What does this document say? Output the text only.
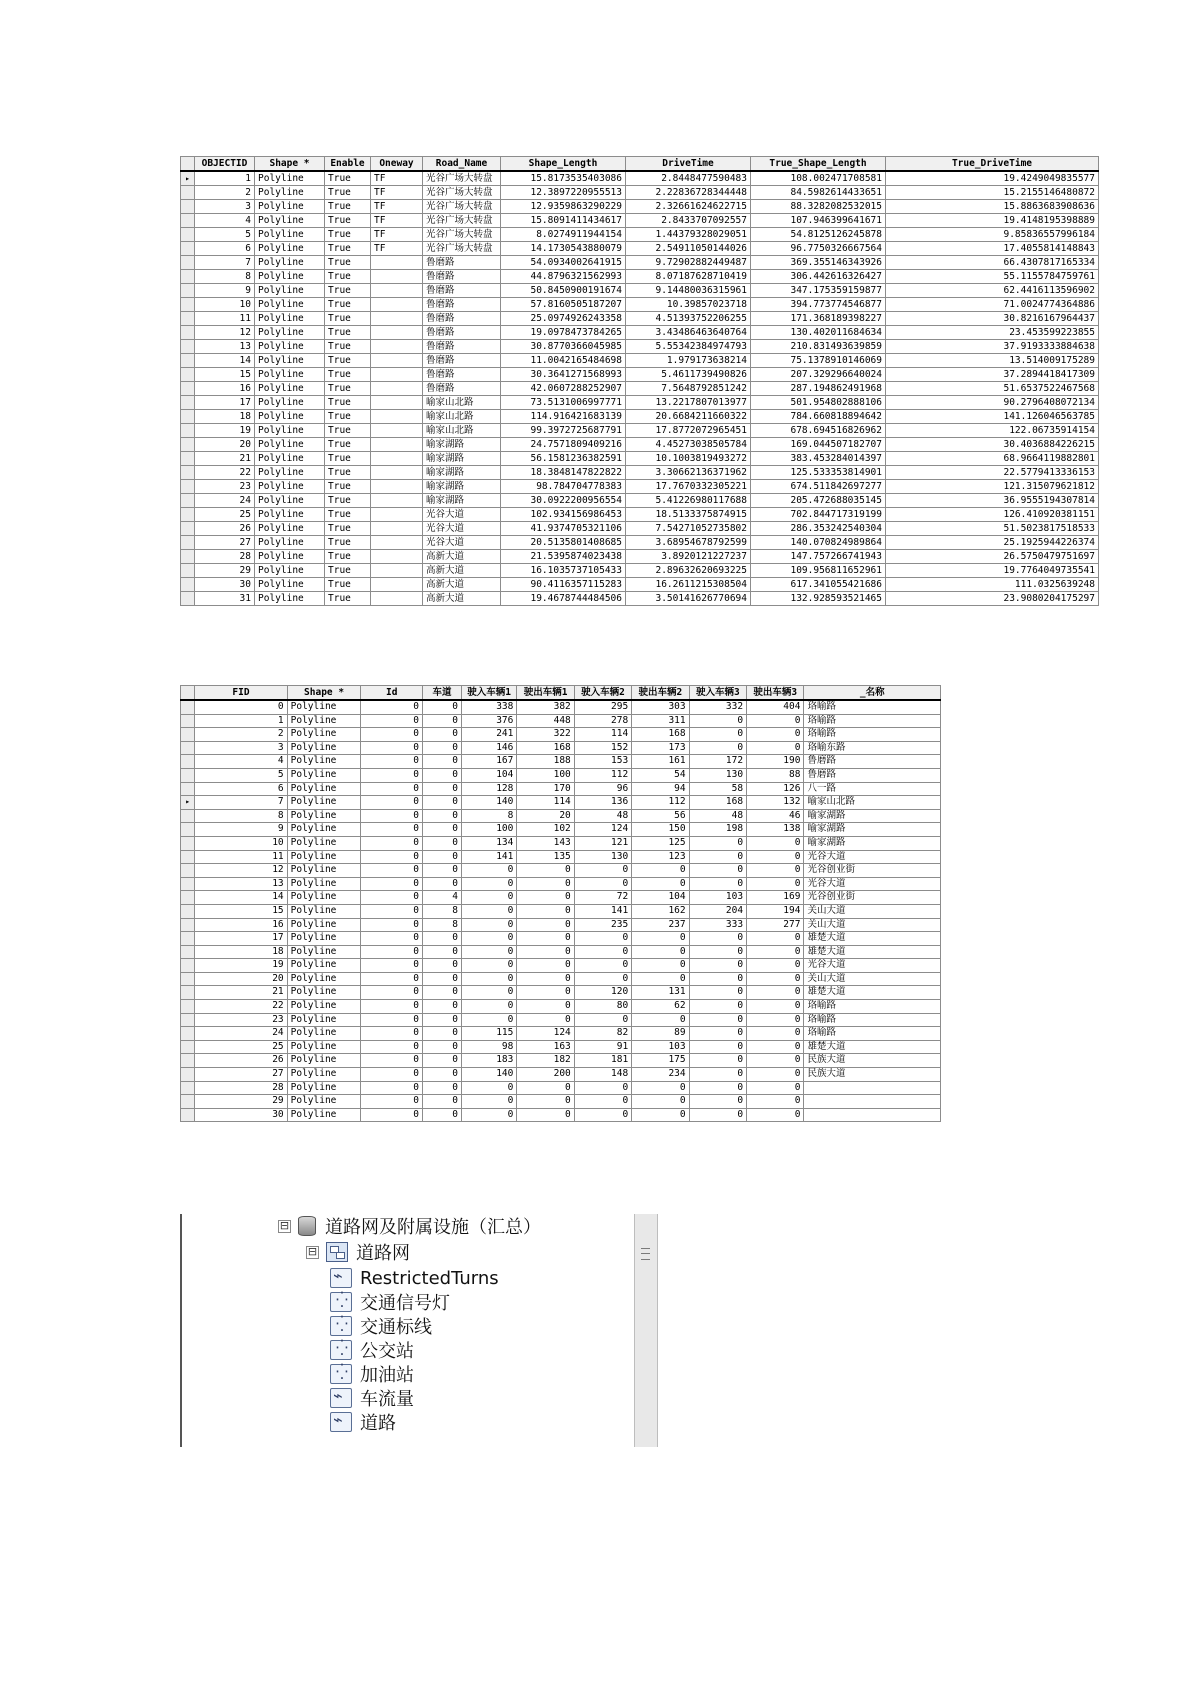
	OBJECTID	Shape *	Enable	Oneway	Road_Name	Shape_Length	DriveTime	True_Shape_Length	True_DriveTime
▸	1	Polyline	True	TF	光谷广场大转盘	15.8173535403086	2.8448477590483	108.002471708581	19.4249049835577
	2	Polyline	True	TF	光谷广场大转盘	12.3897220955513	2.22836728344448	84.5982614433651	15.2155146480872
	3	Polyline	True	TF	光谷广场大转盘	12.9359863290229	2.32661624622715	88.3282082532015	15.8863683908636
	4	Polyline	True	TF	光谷广场大转盘	15.8091411434617	2.8433707092557	107.946399641671	19.4148195398889
	5	Polyline	True	TF	光谷广场大转盘	8.0274911944154	1.44379328029051	54.8125126245878	9.85836557996184
	6	Polyline	True	TF	光谷广场大转盘	14.1730543880079	2.54911050144026	96.7750326667564	17.4055814148843
	7	Polyline	True		鲁磨路	54.0934002641915	9.72902882449487	369.355146343926	66.4307817165334
	8	Polyline	True		鲁磨路	44.8796321562993	8.07187628710419	306.442616326427	55.1155784759761
	9	Polyline	True		鲁磨路	50.8450900191674	9.14480036315961	347.175359159877	62.4416113596902
	10	Polyline	True		鲁磨路	57.8160505187207	10.39857023718	394.773774546877	71.0024774364886
	11	Polyline	True		鲁磨路	25.0974926243358	4.51393752206255	171.368189398227	30.8216167964437
	12	Polyline	True		鲁磨路	19.0978473784265	3.43486463640764	130.402011684634	23.453599223855
	13	Polyline	True		鲁磨路	30.8770366045985	5.55342384974793	210.831493639859	37.9193333884638
	14	Polyline	True		鲁磨路	11.0042165484698	1.979173638214	75.1378910146069	13.514009175289
	15	Polyline	True		鲁磨路	30.3641271568993	5.4611739490826	207.329296640024	37.2894418417309
	16	Polyline	True		鲁磨路	42.0607288252907	7.5648792851242	287.194862491968	51.6537522467568
	17	Polyline	True		喻家山北路	73.5131006997771	13.2217807013977	501.954802888106	90.2796408072134
	18	Polyline	True		喻家山北路	114.916421683139	20.6684211660322	784.660818894642	141.126046563785
	19	Polyline	True		喻家山北路	99.3972725687791	17.8772072965451	678.694516826962	122.06735914154
	20	Polyline	True		喻家湖路	24.7571809409216	4.45273038505784	169.044507182707	30.4036884226215
	21	Polyline	True		喻家湖路	56.1581236382591	10.1003819493272	383.453284014397	68.9664119882801
	22	Polyline	True		喻家湖路	18.3848147822822	3.30662136371962	125.533353814901	22.5779413336153
	23	Polyline	True		喻家湖路	98.784704778383	17.7670332305221	674.511842697277	121.315079621812
	24	Polyline	True		喻家湖路	30.0922200956554	5.41226980117688	205.472688035145	36.9555194307814
	25	Polyline	True		光谷大道	102.934156986453	18.5133375874915	702.844717319199	126.410920381151
	26	Polyline	True		光谷大道	41.9374705321106	7.54271052735802	286.353242540304	51.5023817518533
	27	Polyline	True		光谷大道	20.5135801408685	3.68954678792599	140.070824989864	25.1925944226374
	28	Polyline	True		高新大道	21.5395874023438	3.8920121227237	147.757266741943	26.5750479751697
	29	Polyline	True		高新大道	16.1035737105433	2.89632620693225	109.956811652961	19.7764049735541
	30	Polyline	True		高新大道	90.4116357115283	16.2611215308504	617.341055421686	111.0325639248
	31	Polyline	True		高新大道	19.4678744484506	3.50141626770694	132.928593521465	23.9080204175297
	FID	Shape *	Id	车道	驶入车辆1	驶出车辆1	驶入车辆2	驶出车辆2	驶入车辆3	驶出车辆3	_名称
	0	Polyline	0	0	338	382	295	303	332	404	珞喻路
	1	Polyline	0	0	376	448	278	311	0	0	珞喻路
	2	Polyline	0	0	241	322	114	168	0	0	珞喻路
	3	Polyline	0	0	146	168	152	173	0	0	珞喻东路
	4	Polyline	0	0	167	188	153	161	172	190	鲁磨路
	5	Polyline	0	0	104	100	112	54	130	88	鲁磨路
	6	Polyline	0	0	128	170	96	94	58	126	八一路
▸	7	Polyline	0	0	140	114	136	112	168	132	喻家山北路
	8	Polyline	0	0	8	20	48	56	48	46	喻家湖路
	9	Polyline	0	0	100	102	124	150	198	138	喻家湖路
	10	Polyline	0	0	134	143	121	125	0	0	喻家湖路
	11	Polyline	0	0	141	135	130	123	0	0	光谷大道
	12	Polyline	0	0	0	0	0	0	0	0	光谷创业街
	13	Polyline	0	0	0	0	0	0	0	0	光谷大道
	14	Polyline	0	4	0	0	72	104	103	169	光谷创业街
	15	Polyline	0	8	0	0	141	162	204	194	关山大道
	16	Polyline	0	8	0	0	235	237	333	277	关山大道
	17	Polyline	0	0	0	0	0	0	0	0	雄楚大道
	18	Polyline	0	0	0	0	0	0	0	0	雄楚大道
	19	Polyline	0	0	0	0	0	0	0	0	光谷大道
	20	Polyline	0	0	0	0	0	0	0	0	关山大道
	21	Polyline	0	0	0	0	120	131	0	0	雄楚大道
	22	Polyline	0	0	0	0	80	62	0	0	珞喻路
	23	Polyline	0	0	0	0	0	0	0	0	珞喻路
	24	Polyline	0	0	115	124	82	89	0	0	珞喻路
	25	Polyline	0	0	98	163	91	103	0	0	雄楚大道
	26	Polyline	0	0	183	182	181	175	0	0	民族大道
	27	Polyline	0	0	140	200	148	234	0	0	民族大道
	28	Polyline	0	0	0	0	0	0	0	0	
	29	Polyline	0	0	0	0	0	0	0	0	
	30	Polyline	0	0	0	0	0	0	0	0	
⊟ 道路网及附属设施（汇总）
⊟ 道路网
⌁
RestrictedTurns
⁛
交通信号灯
⁛
交通标线
⁛
公交站
⁛
加油站
⌁
车流量
⌁
道路
